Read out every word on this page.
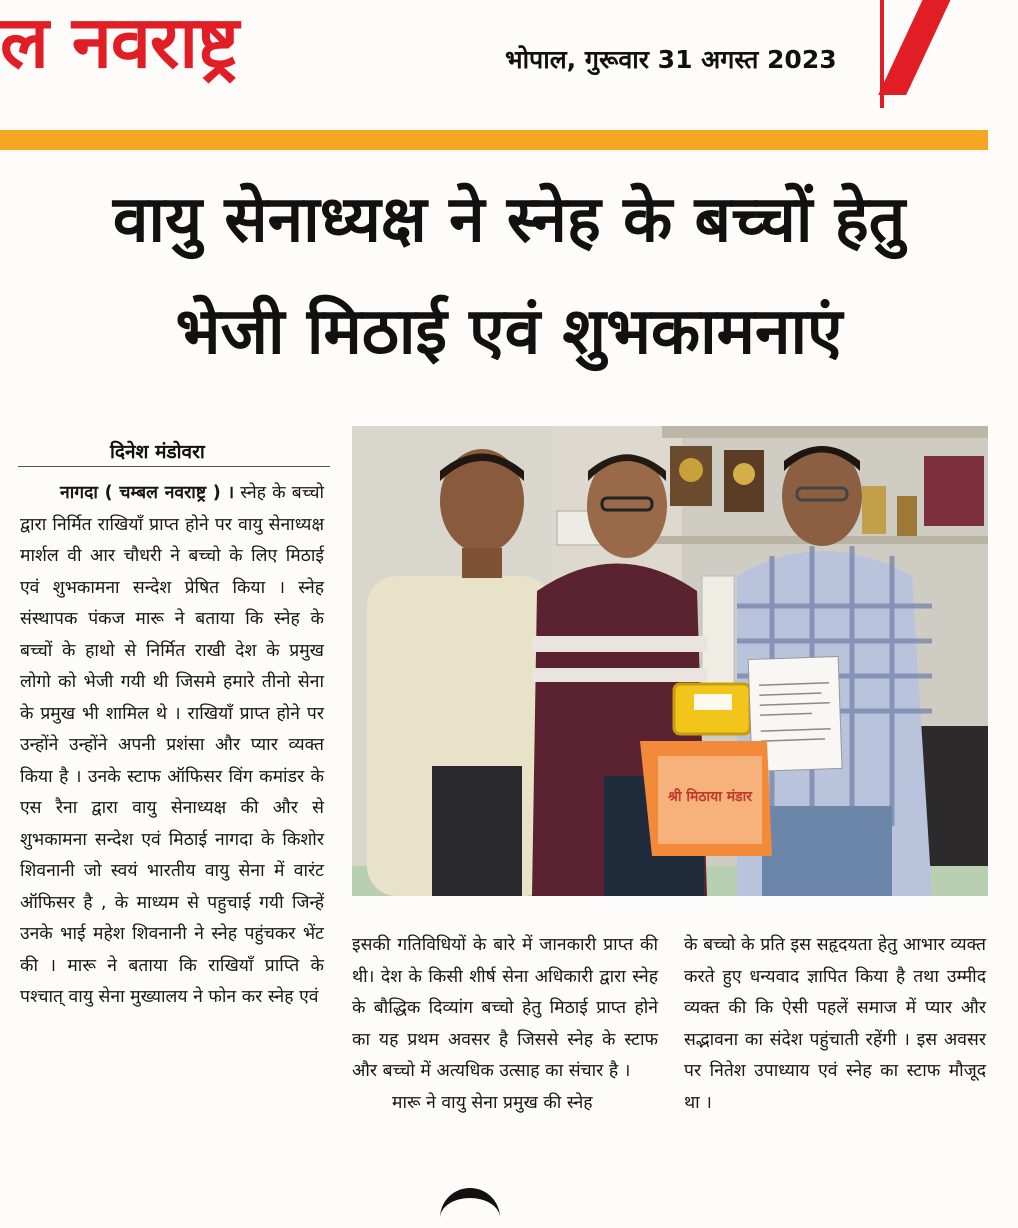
ल नवराष्ट्र	भोपाल, गुरूवार 31 अगस्त 2023
वायु सेनाध्यक्ष ने स्नेह के बच्चों हेतु
भेजी मिठाई एवं शुभकामनाएं
दिनेश मंडोवरा

नागदा ( चम्बल नवराष्ट्र ) । स्नेह के बच्चो द्वारा निर्मित राखियाँ प्राप्त होने पर वायु सेनाध्यक्ष मार्शल वी आर चौधरी ने बच्चो के लिए मिठाई एवं शुभकामना सन्देश प्रेषित किया । स्नेह संस्थापक पंकज मारू ने बताया कि स्नेह के बच्चों के हाथो से निर्मित राखी देश के प्रमुख लोगो को भेजी गयी थी जिसमे हमारे तीनो सेना के प्रमुख भी शामिल थे । राखियाँ प्राप्त होने पर उन्होंने उन्होंने अपनी प्रशंसा और प्यार व्यक्त किया है । उनके स्टाफ ऑफिसर विंग कमांडर के एस रैना द्वारा वायु सेनाध्यक्ष की और से शुभकामना सन्देश एवं मिठाई नागदा के किशोर शिवनानी जो स्वयं भारतीय वायु सेना में वारंट ऑफिसर है , के माध्यम से पहुचाई गयी जिन्हें उनके भाई महेश शिवनानी ने स्नेह पहुंचकर भेंट की । मारू ने बताया कि राखियाँ प्राप्ति के पश्चात् वायु सेना मुख्यालय ने फोन कर स्नेह एवं

श्री मिठाया मंडार

इसकी गतिविधियों के बारे में जानकारी प्राप्त की थी। देश के किसी शीर्ष सेना अधिकारी द्वारा स्नेह के बौद्धिक दिव्यांग बच्चो हेतु मिठाई प्राप्त होने का यह प्रथम अवसर है जिससे स्नेह के स्टाफ और बच्चो में अत्यधिक उत्साह का संचार है ।

मारू ने वायु सेना प्रमुख की स्नेह

के बच्चो के प्रति इस सहृदयता हेतु आभार व्यक्त करते हुए धन्यवाद ज्ञापित किया है तथा उम्मीद व्यक्त की कि ऐसी पहलें समाज में प्यार और सद्भावना का संदेश पहुंचाती रहेंगी । इस अवसर पर नितेश उपाध्याय एवं स्नेह का स्टाफ मौजूद था ।
